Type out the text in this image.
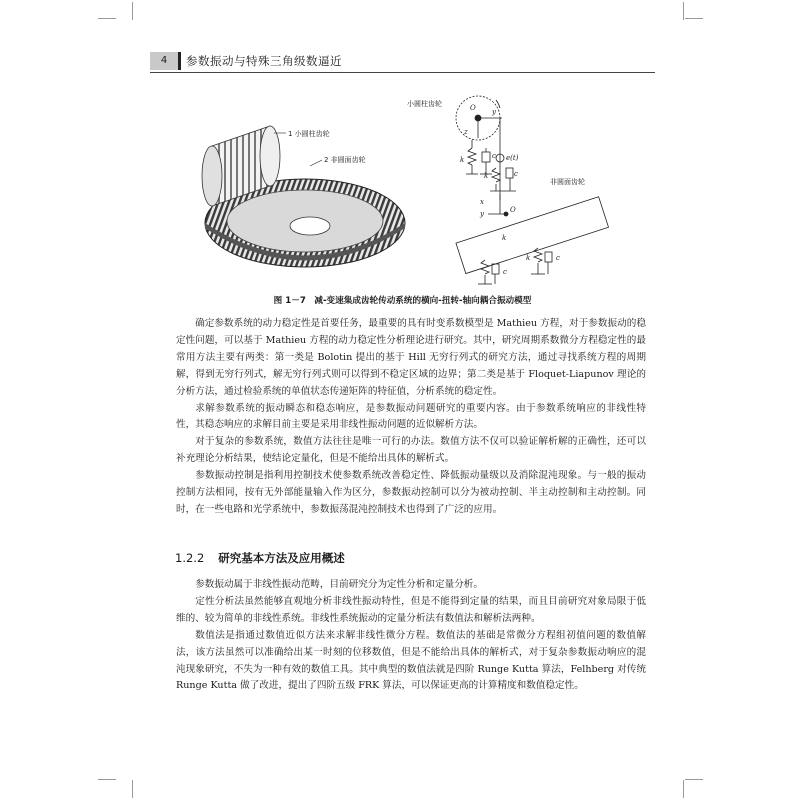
4	参数振动与特殊三角级数逼近
1 小圆柱齿轮
2 非圆面齿轮
小圆柱齿轮
非圆面齿轮
O y
z
k	c e(t)
k	c
x
y	O
k
c
k	c
图 1－7　减-变速集成齿轮传动系统的横向-扭转-轴向耦合振动模型

确定参数系统的动力稳定性是首要任务，最重要的具有时变系数模型是 Mathieu 方程，对于参数振动的稳定性问题，可以基于 Mathieu 方程的动力稳定性分析理论进行研究。其中，研究周期系数微分方程稳定性的最常用方法主要有两类：第一类是 Bolotin 提出的基于 Hill 无穷行列式的研究方法，通过寻找系统方程的周期解，得到无穷行列式，解无穷行列式则可以得到不稳定区域的边界；第二类是基于 Floquet-Liapunov 理论的分析方法，通过检验系统的单值状态传递矩阵的特征值，分析系统的稳定性。

求解参数系统的振动瞬态和稳态响应，是参数振动问题研究的重要内容。由于参数系统响应的非线性特性，其稳态响应的求解目前主要是采用非线性振动问题的近似解析方法。

对于复杂的参数系统，数值方法往往是唯一可行的办法。数值方法不仅可以验证解析解的正确性，还可以补充理论分析结果，使结论定量化，但是不能给出具体的解析式。

参数振动控制是指利用控制技术使参数系统改善稳定性、降低振动量级以及消除混沌现象。与一般的振动控制方法相同，按有无外部能量输入作为区分，参数振动控制可以分为被动控制、半主动控制和主动控制。同时，在一些电路和光学系统中，参数振荡混沌控制技术也得到了广泛的应用。

1.2.2 研究基本方法及应用概述

参数振动属于非线性振动范畴，目前研究分为定性分析和定量分析。

定性分析法虽然能够直观地分析非线性振动特性，但是不能得到定量的结果，而且目前研究对象局限于低维的、较为简单的非线性系统。非线性系统振动的定量分析法有数值法和解析法两种。

数值法是指通过数值近似方法来求解非线性微分方程。数值法的基础是常微分方程组初值问题的数值解法，该方法虽然可以准确给出某一时刻的位移数值，但是不能给出具体的解析式，对于复杂参数振动响应的混沌现象研究，不失为一种有效的数值工具。其中典型的数值法就是四阶 Runge Kutta 算法，Felhberg 对传统 Runge Kutta 做了改进，提出了四阶五级 FRK 算法，可以保证更高的计算精度和数值稳定性。
